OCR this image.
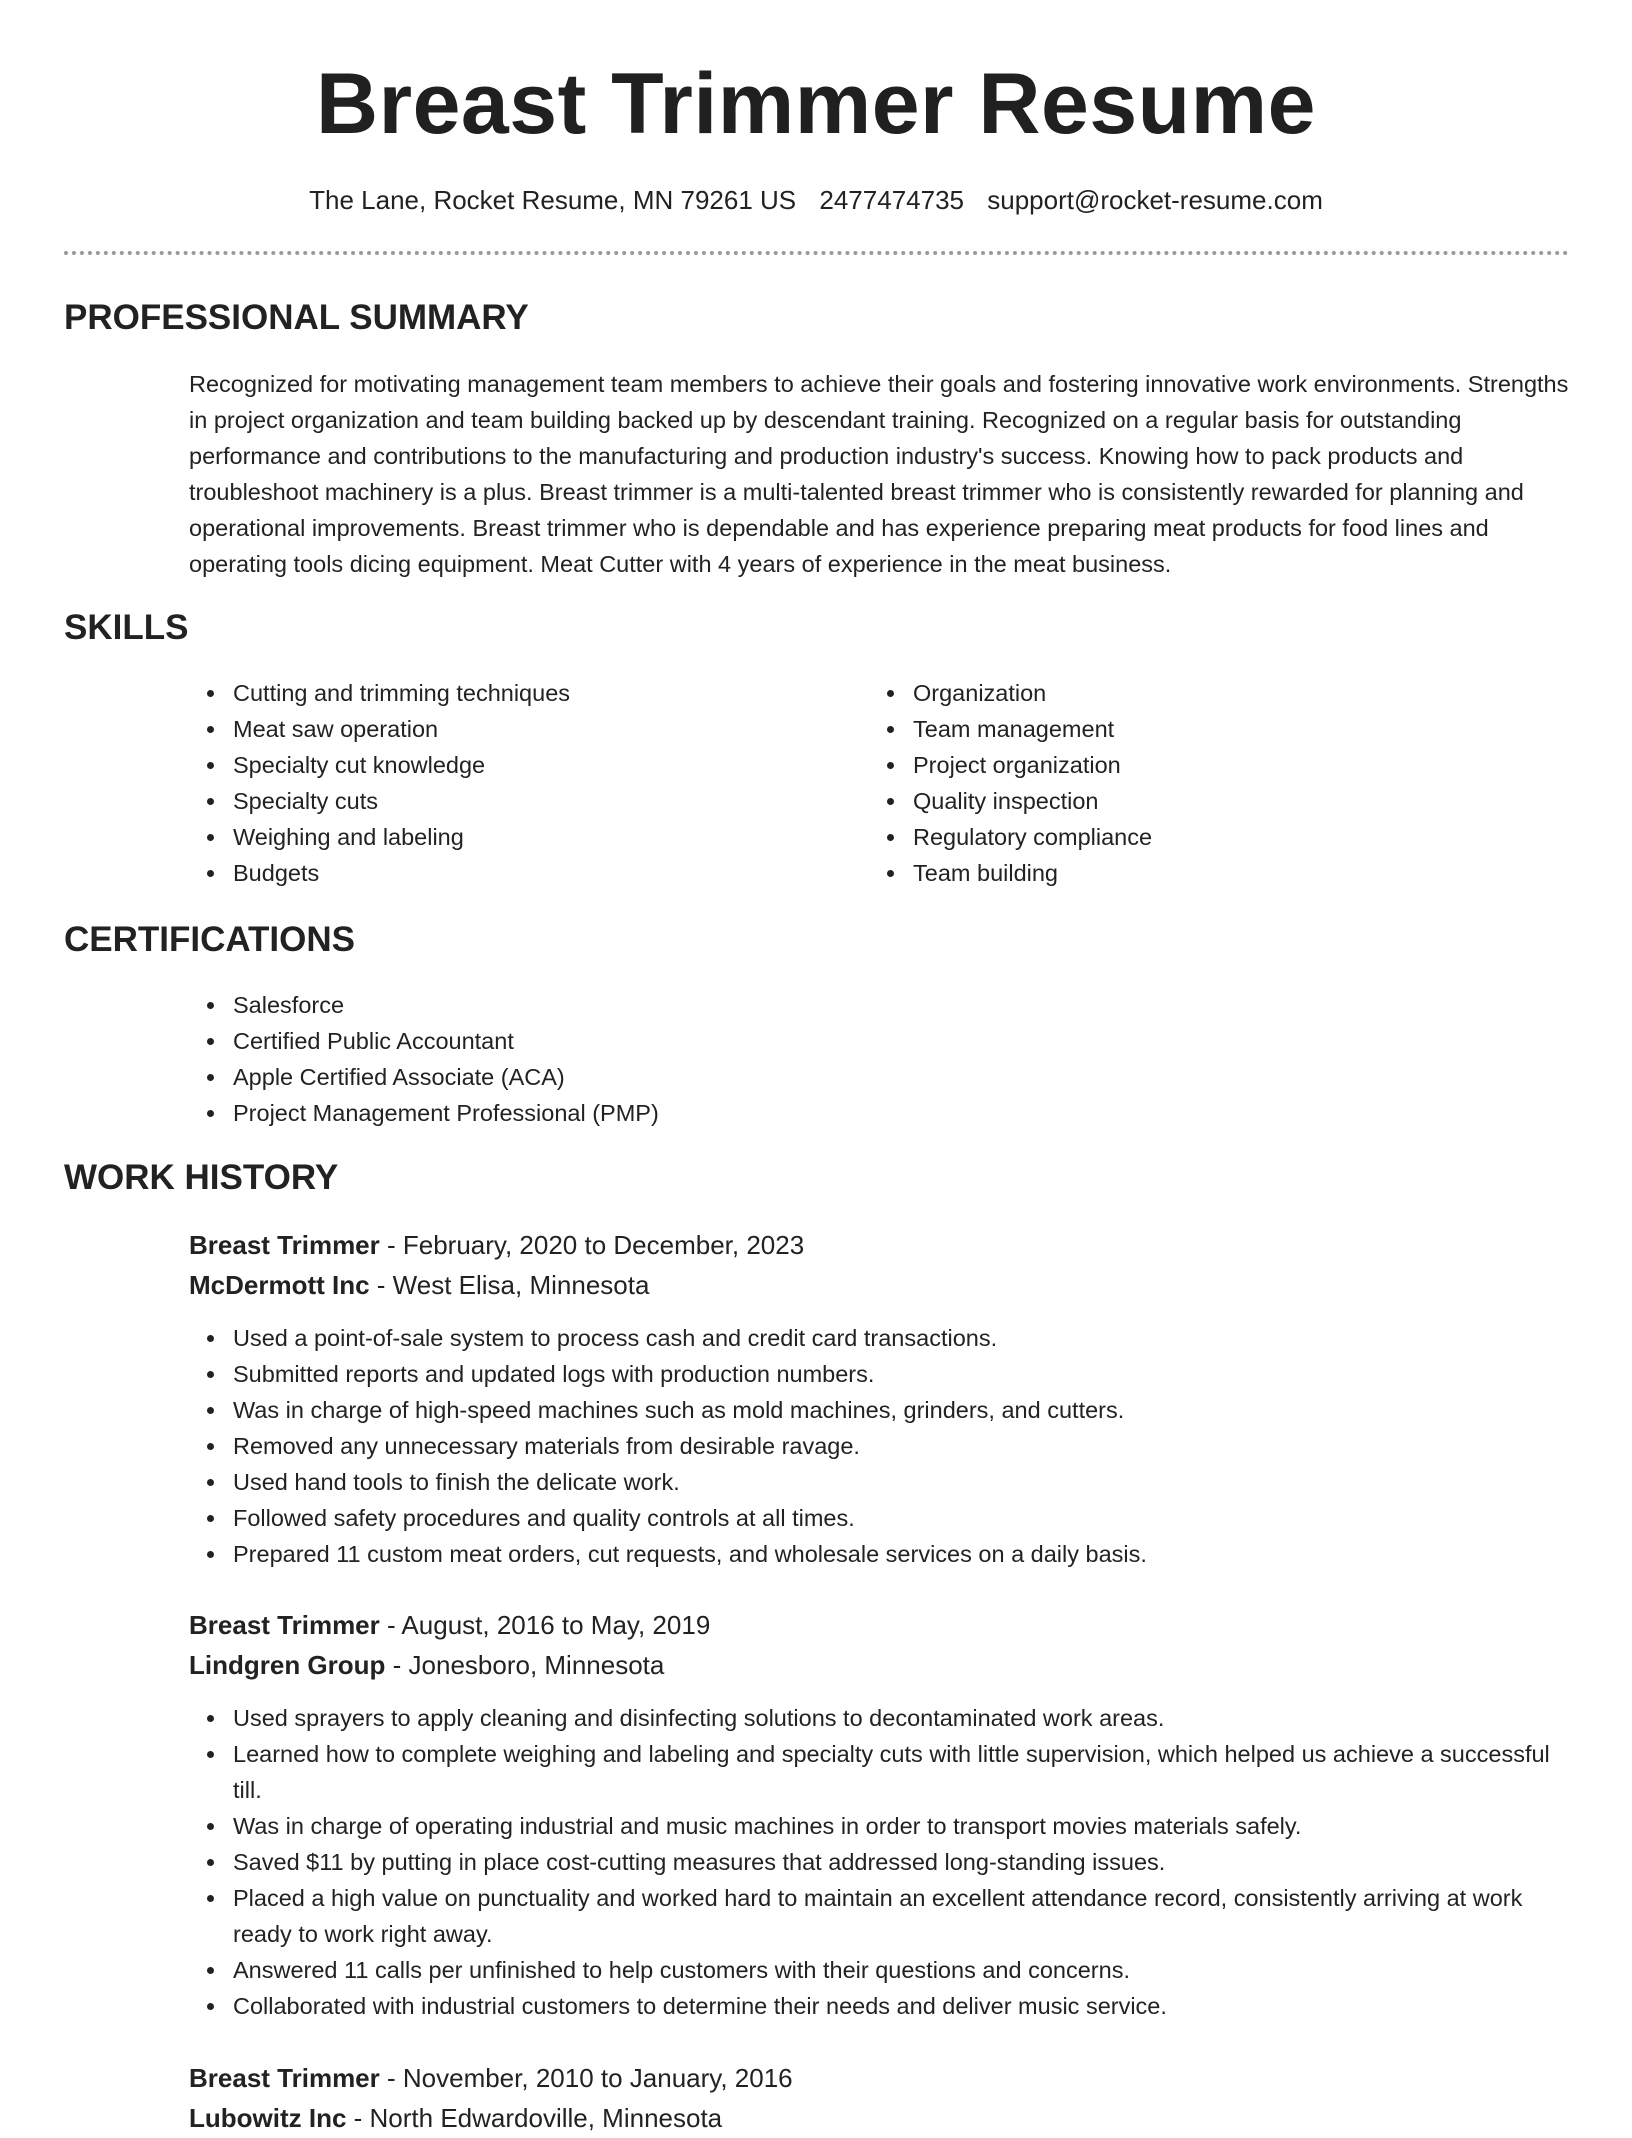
Breast Trimmer Resume
The Lane, Rocket Resume, MN 79261 US 2477474735 support@rocket-resume.com
PROFESSIONAL SUMMARY

Recognized for motivating management team members to achieve their goals and fostering innovative work environments. Strengths in project organization and team building backed up by descendant training. Recognized on a regular basis for outstanding performance and contributions to the manufacturing and production industry's success. Knowing how to pack products and troubleshoot machinery is a plus. Breast trimmer is a multi-talented breast trimmer who is consistently rewarded for planning and operational improvements. Breast trimmer who is dependable and has experience preparing meat products for food lines and operating tools dicing equipment. Meat Cutter with 4 years of experience in the meat business.

SKILLS
Cutting and trimming techniques
Meat saw operation
Specialty cut knowledge
Specialty cuts
Weighing and labeling
Budgets
Organization
Team management
Project organization
Quality inspection
Regulatory compliance
Team building
CERTIFICATIONS
Salesforce
Certified Public Accountant
Apple Certified Associate (ACA)
Project Management Professional (PMP)
WORK HISTORY
Breast Trimmer - February, 2020 to December, 2023
McDermott Inc - West Elisa, Minnesota
Used a point-of-sale system to process cash and credit card transactions.
Submitted reports and updated logs with production numbers.
Was in charge of high-speed machines such as mold machines, grinders, and cutters.
Removed any unnecessary materials from desirable ravage.
Used hand tools to finish the delicate work.
Followed safety procedures and quality controls at all times.
Prepared 11 custom meat orders, cut requests, and wholesale services on a daily basis.
Breast Trimmer - August, 2016 to May, 2019
Lindgren Group - Jonesboro, Minnesota
Used sprayers to apply cleaning and disinfecting solutions to decontaminated work areas.
Learned how to complete weighing and labeling and specialty cuts with little supervision, which helped us achieve a successful till.
Was in charge of operating industrial and music machines in order to transport movies materials safely.
Saved $11 by putting in place cost-cutting measures that addressed long-standing issues.
Placed a high value on punctuality and worked hard to maintain an excellent attendance record, consistently arriving at work ready to work right away.
Answered 11 calls per unfinished to help customers with their questions and concerns.
Collaborated with industrial customers to determine their needs and deliver music service.
Breast Trimmer - November, 2010 to January, 2016
Lubowitz Inc - North Edwardoville, Minnesota
